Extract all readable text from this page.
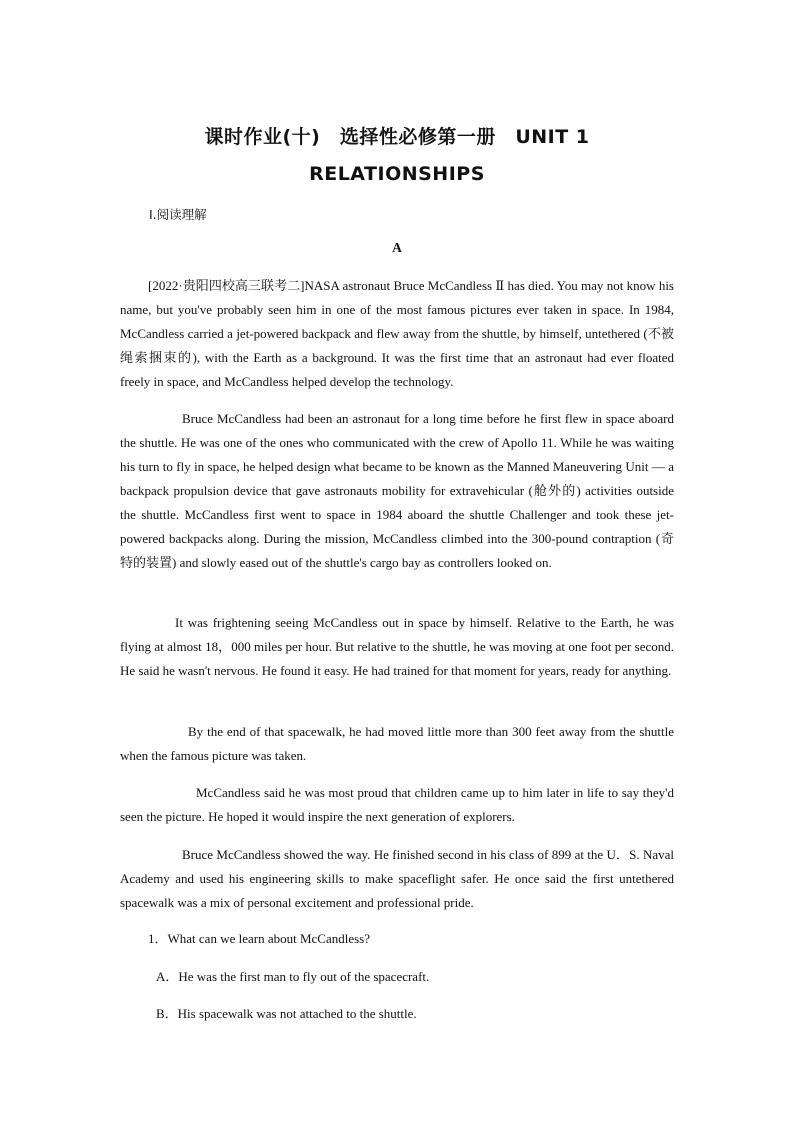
课时作业(十)　选择性必修第一册　UNIT 1
RELATIONSHIPS
Ⅰ.阅读理解
A

[2022·贵阳四校高三联考二]NASA astronaut Bruce McCandless Ⅱ has died. You may not know his name, but you've probably seen him in one of the most famous pictures ever taken in space. In 1984, McCandless carried a jet-powered backpack and flew away from the shuttle, by himself, untethered (不被绳索捆束的), with the Earth as a background. It was the first time that an astronaut had ever floated freely in space, and McCandless helped develop the technology.

Bruce McCandless had been an astronaut for a long time before he first flew in space aboard the shuttle. He was one of the ones who communicated with the crew of Apollo 11. While he was waiting his turn to fly in space, he helped design what became to be known as the Manned Maneuvering Unit — a backpack propulsion device that gave astronauts mobility for extravehicular (舱外的) activities outside the shuttle. McCandless first went to space in 1984 aboard the shuttle Challenger and took these jet-powered backpacks along. During the mission, McCandless climbed into the 300-pound contraption (奇特的装置) and slowly eased out of the shuttle's cargo bay as controllers looked on.

It was frightening seeing McCandless out in space by himself. Relative to the Earth, he was flying at almost 18，000 miles per hour. But relative to the shuttle, he was moving at one foot per second. He said he wasn't nervous. He found it easy. He had trained for that moment for years, ready for anything.

By the end of that spacewalk, he had moved little more than 300 feet away from the shuttle when the famous picture was taken.

McCandless said he was most proud that children came up to him later in life to say they'd seen the picture. He hoped it would inspire the next generation of explorers.

Bruce McCandless showed the way. He finished second in his class of 899 at the U．S. Naval Academy and used his engineering skills to make spaceflight safer. He once said the first untethered spacewalk was a mix of personal excitement and professional pride.

1．What can we learn about McCandless?
A．He was the first man to fly out of the spacecraft.
B．His spacewalk was not attached to the shuttle.
